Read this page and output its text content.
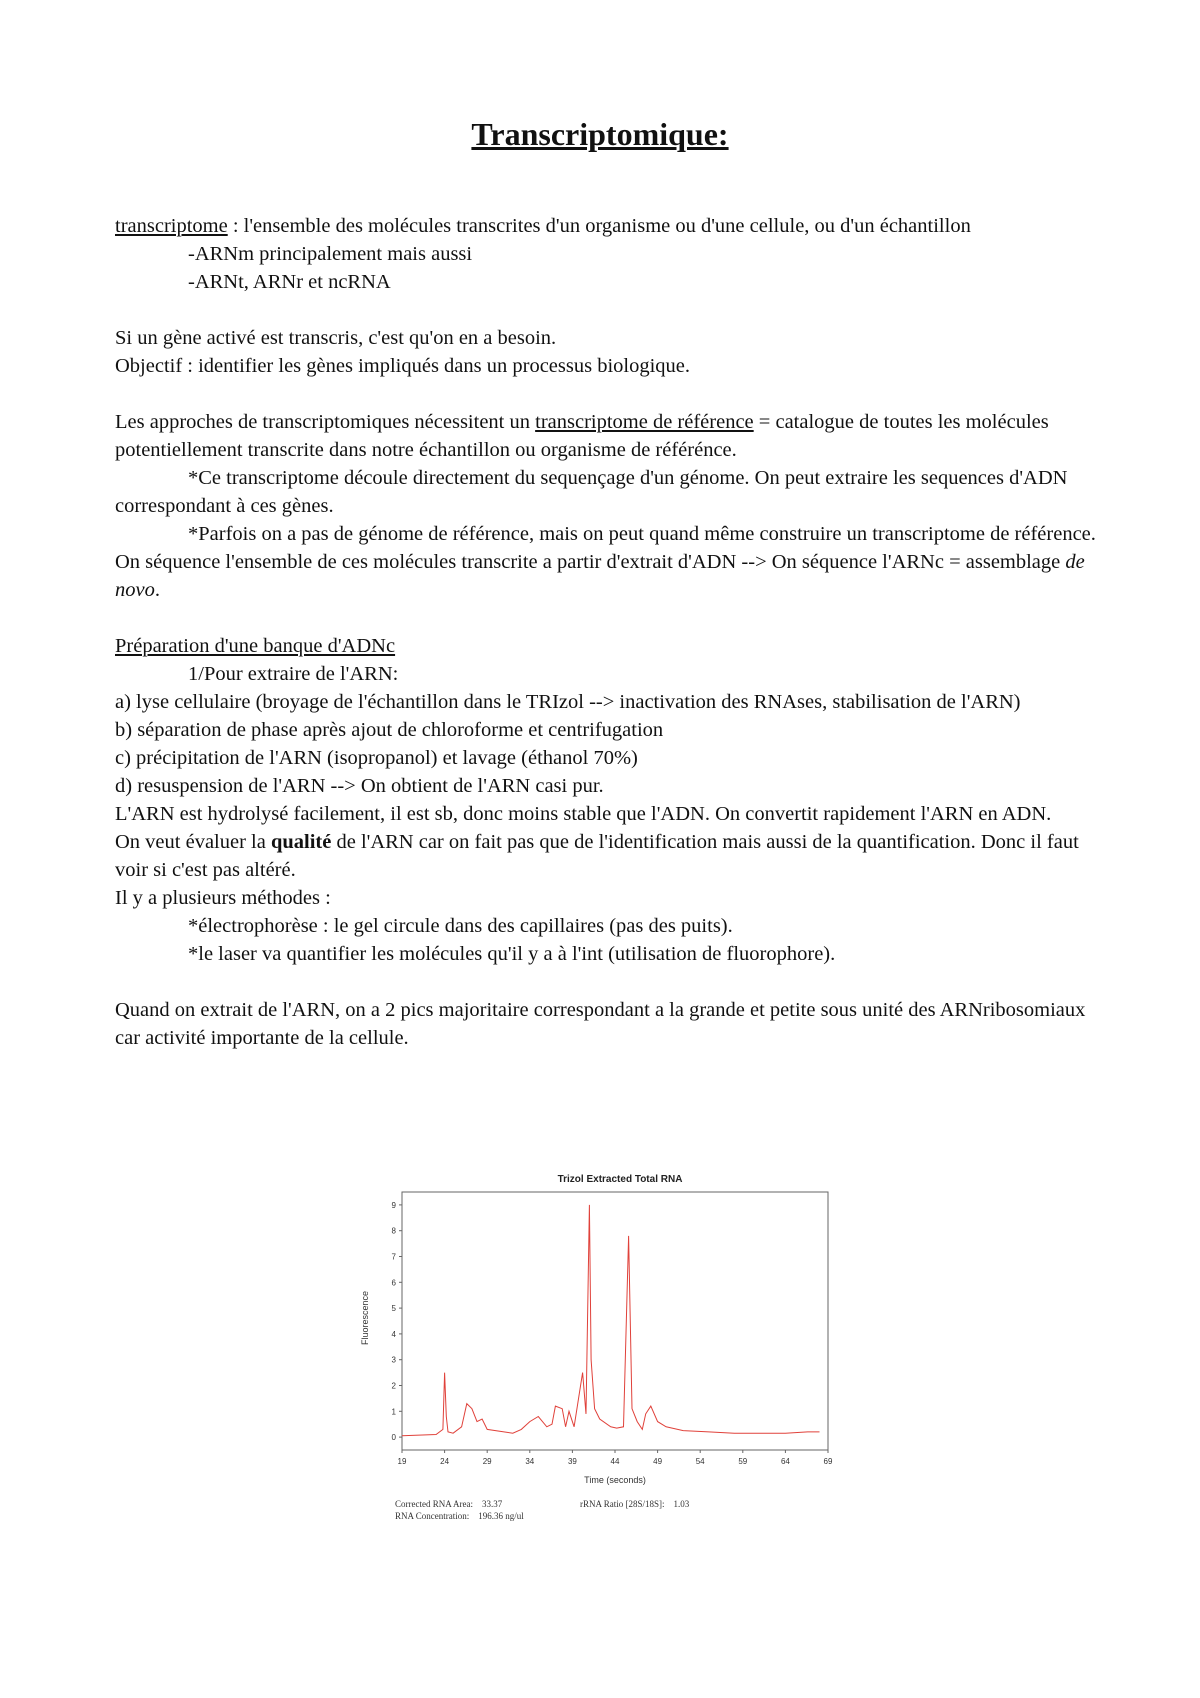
Transcriptomique:

transcriptome : l'ensemble des molécules transcrites d'un organisme ou d'une cellule, ou d'un échantillon

-ARNm principalement mais aussi

-ARNt, ARNr et ncRNA

Si un gène activé est transcris, c'est qu'on en a besoin.

Objectif : identifier les gènes impliqués dans un processus biologique.

Les approches de transcriptomiques nécessitent un transcriptome de référence = catalogue de toutes les molécules potentiellement transcrite dans notre échantillon ou organisme de référénce.

*Ce transcriptome découle directement du sequençage d'un génome. On peut extraire les sequences d'ADN correspondant à ces gènes.

*Parfois on a pas de génome de référence, mais on peut quand même construire un transcriptome de référence. On séquence l'ensemble de ces molécules transcrite a partir d'extrait d'ADN --> On séquence l'ARNc = assemblage de novo.

Préparation d'une banque d'ADNc

1/Pour extraire de l'ARN:

a) lyse cellulaire (broyage de l'échantillon dans le TRIzol --> inactivation des RNAses, stabilisation de l'ARN)

b) séparation de phase après ajout de chloroforme et centrifugation

c) précipitation de l'ARN (isopropanol) et lavage (éthanol 70%)

d) resuspension de l'ARN --> On obtient de l'ARN casi pur.

L'ARN est hydrolysé facilement, il est sb, donc moins stable que l'ADN. On convertit rapidement l'ARN en ADN.

On veut évaluer la qualité de l'ARN car on fait pas que de l'identification mais aussi de la quantification. Donc il faut voir si c'est pas altéré.

Il y a plusieurs méthodes :

*électrophorèse : le gel circule dans des capillaires (pas des puits).

*le laser va quantifier les molécules qu'il y a à l'int (utilisation de fluorophore).

Quand on extrait de l'ARN, on a 2 pics majoritaire correspondant a la grande et petite sous unité des ARNribosomiaux car activité importante de la cellule.

Trizol Extracted Total RNA
0
1
2
3
4
5
6
7
8
9
19	24	29	34	39	44	49	54	59	64	69
Fluorescence
Time (seconds)
Corrected RNA Area: 33.37
RNA Concentration: 196.36 ng/ul
rRNA Ratio [28S/18S]: 1.03
